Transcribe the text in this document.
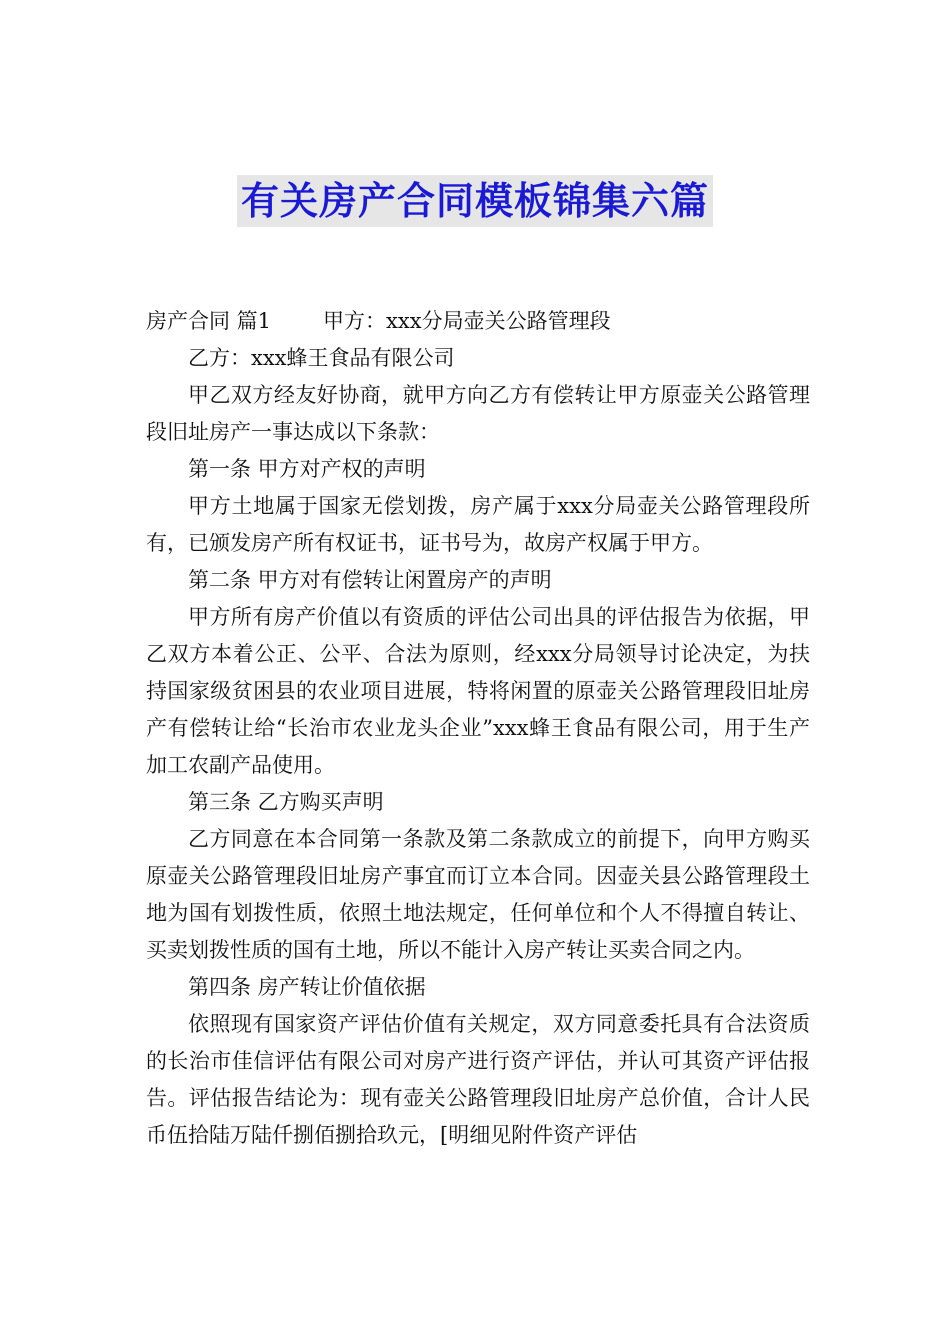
有关房产合同模板锦集六篇

房产合同 篇1 甲方：xxx分局壶关公路管理段

乙方：xxx蜂王食品有限公司

甲乙双方经友好协商，就甲方向乙方有偿转让甲方原壶关公路管理段旧址房产一事达成以下条款：

第一条 甲方对产权的声明

甲方土地属于国家无偿划拨，房产属于xxx分局壶关公路管理段所有，已颁发房产所有权证书，证书号为，故房产权属于甲方。

第二条 甲方对有偿转让闲置房产的声明

甲方所有房产价值以有资质的评估公司出具的评估报告为依据，甲乙双方本着公正、公平、合法为原则，经xxx分局领导讨论决定，为扶持国家级贫困县的农业项目进展，特将闲置的原壶关公路管理段旧址房产有偿转让给“长治市农业龙头企业”xxx蜂王食品有限公司，用于生产加工农副产品使用。

第三条 乙方购买声明

乙方同意在本合同第一条款及第二条款成立的前提下，向甲方购买原壶关公路管理段旧址房产事宜而订立本合同。因壶关县公路管理段土地为国有划拨性质，依照土地法规定，任何单位和个人不得擅自转让、买卖划拨性质的国有土地，所以不能计入房产转让买卖合同之内。

第四条 房产转让价值依据

依照现有国家资产评估价值有关规定，双方同意委托具有合法资质的长治市佳信评估有限公司对房产进行资产评估，并认可其资产评估报告。评估报告结论为：现有壶关公路管理段旧址房产总价值，合计人民币伍拾陆万陆仟捌佰捌拾玖元，[明细见附件资产评估
